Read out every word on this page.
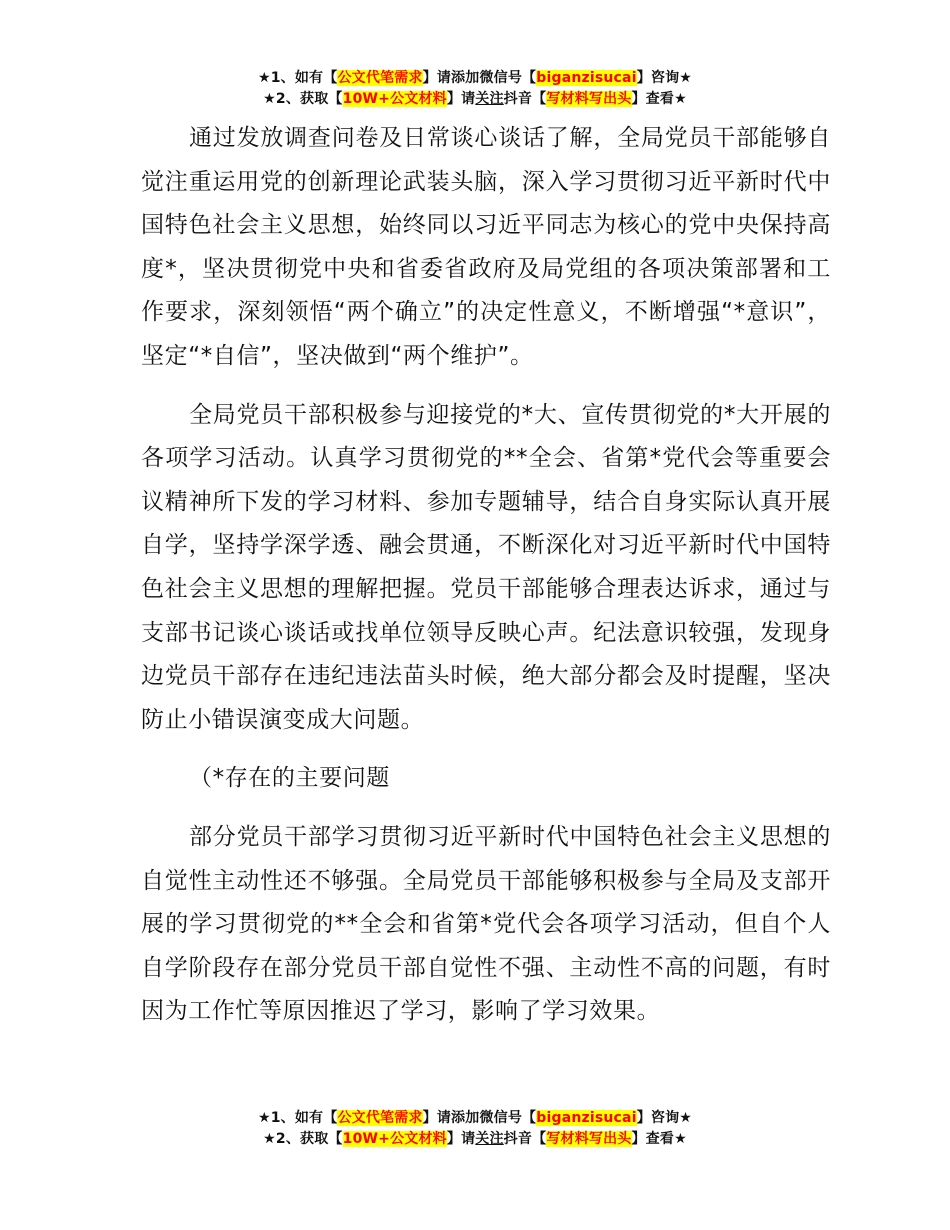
★1、如有【公文代笔需求】请添加微信号【biganzisucai】咨询★
★2、获取【10W+公文材料】请关注抖音【写材料写出头】查看★

通过发放调查问卷及日常谈心谈话了解，全局党员干部能够自觉注重运用党的创新理论武装头脑，深入学习贯彻习近平新时代中国特色社会主义思想，始终同以习近平同志为核心的党中央保持高度*，坚决贯彻党中央和省委省政府及局党组的各项决策部署和工作要求，深刻领悟“两个确立”的决定性意义，不断增强“*意识”，坚定“*自信”，坚决做到“两个维护”。

全局党员干部积极参与迎接党的*大、宣传贯彻党的*大开展的各项学习活动。认真学习贯彻党的**全会、省第*党代会等重要会议精神所下发的学习材料、参加专题辅导，结合自身实际认真开展自学，坚持学深学透、融会贯通，不断深化对习近平新时代中国特色社会主义思想的理解把握。党员干部能够合理表达诉求，通过与支部书记谈心谈话或找单位领导反映心声。纪法意识较强，发现身边党员干部存在违纪违法苗头时候，绝大部分都会及时提醒，坚决防止小错误演变成大问题。

（*存在的主要问题

部分党员干部学习贯彻习近平新时代中国特色社会主义思想的自觉性主动性还不够强。全局党员干部能够积极参与全局及支部开展的学习贯彻党的**全会和省第*党代会各项学习活动，但自个人自学阶段存在部分党员干部自觉性不强、主动性不高的问题，有时因为工作忙等原因推迟了学习，影响了学习效果。

★1、如有【公文代笔需求】请添加微信号【biganzisucai】咨询★
★2、获取【10W+公文材料】请关注抖音【写材料写出头】查看★
